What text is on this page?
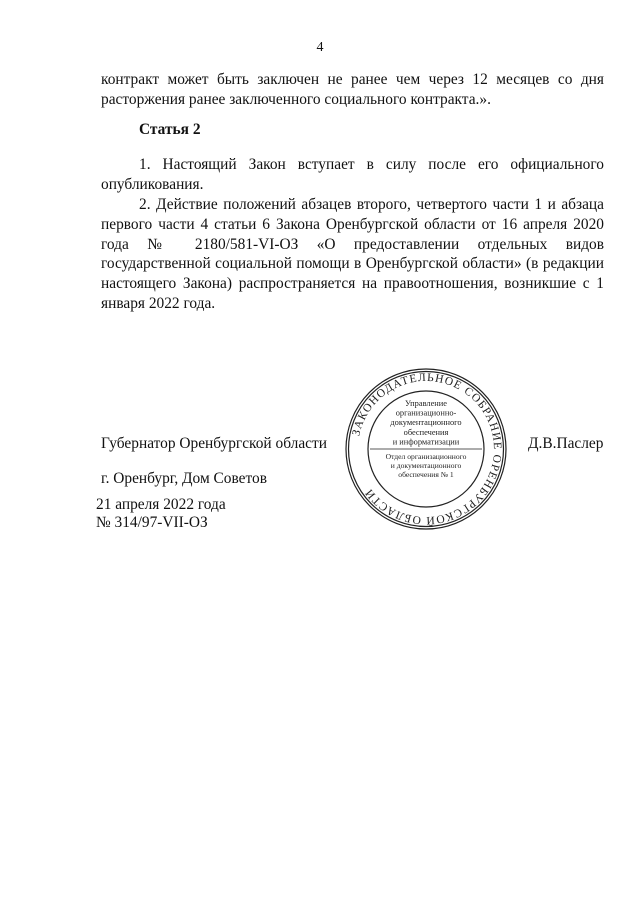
4
контракт может быть заключен не ранее чем через 12 месяцев со дня расторжения ранее заключенного социального контракта.».
Статья 2
1. Настоящий Закон вступает в силу после его официального опубликования.
2. Действие положений абзацев второго, четвертого части 1 и абзаца первого части 4 статьи 6 Закона Оренбургской области от 16 апреля 2020 года № 2180/581-VI-ОЗ «О предоставлении отдельных видов государственной социальной помощи в Оренбургской области» (в редакции настоящего Закона) распространяется на правоотношения, возникшие с 1 января 2022 года.
Губернатор Оренбургской области	Д.В.Паслер
г. Оренбург, Дом Советов
21 апреля 2022 года
№ 314/97-VII-ОЗ
ЗАКОНОДАТЕЛЬНОЕ СОБРАНИЕ ОРЕНБУРГСКОЙ ОБЛАСТИ
Управление
организационно-
документационного
обеспечения
и информатизации
Отдел организационного
и документационного
обеспечения № 1
